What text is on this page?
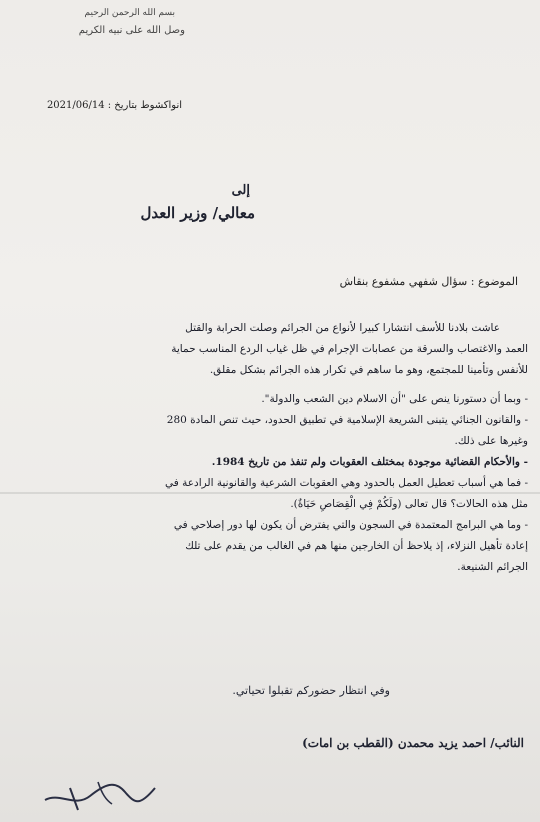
بسم الله الرحمن الرحيم
وصل الله على نبيه الكريم
انواكشوط بتاريخ : 2021/06/14
إلى
معالي/ وزير العدل
الموضوع : سؤال شفهي مشفوع بنقاش

عاشت بلادنا للأسف انتشارا كبيرا لأنواع من الجرائم وصلت الحرابة والقتل

العمد والاغتصاب والسرقة من عصابات الإجرام في ظل غياب الردع المناسب حماية

للأنفس وتأمينا للمجتمع، وهو ما ساهم في تكرار هذه الجرائم بشكل مقلق.

- وبما أن دستورنا ينص على "أن الاسلام دين الشعب والدولة".

- والقانون الجنائي يتبنى الشريعة الإسلامية في تطبيق الحدود، حيث تنص المادة 280

وغيرها على ذلك.

- والأحكام القضائية موجودة بمختلف العقوبات ولم تنفذ من تاريخ 1984.

- فما هي أسباب تعطيل العمل بالحدود وهي العقوبات الشرعية والقانونية الرادعة في

مثل هذه الحالات؟ قال تعالى (ولَكُمْ فِي الْقِصَاصِ حَيَاةٌ).

- وما هي البرامج المعتمدة في السجون والتي يفترض أن يكون لها دور إصلاحي في

إعادة تأهيل النزلاء، إذ يلاحظ أن الخارجين منها هم في الغالب من يقدم على تلك

الجرائم الشنيعة.

وفي انتظار حضوركم تقبلوا تحياتي.
النائب/ احمد يزيد محمدن (القطب بن امات)
